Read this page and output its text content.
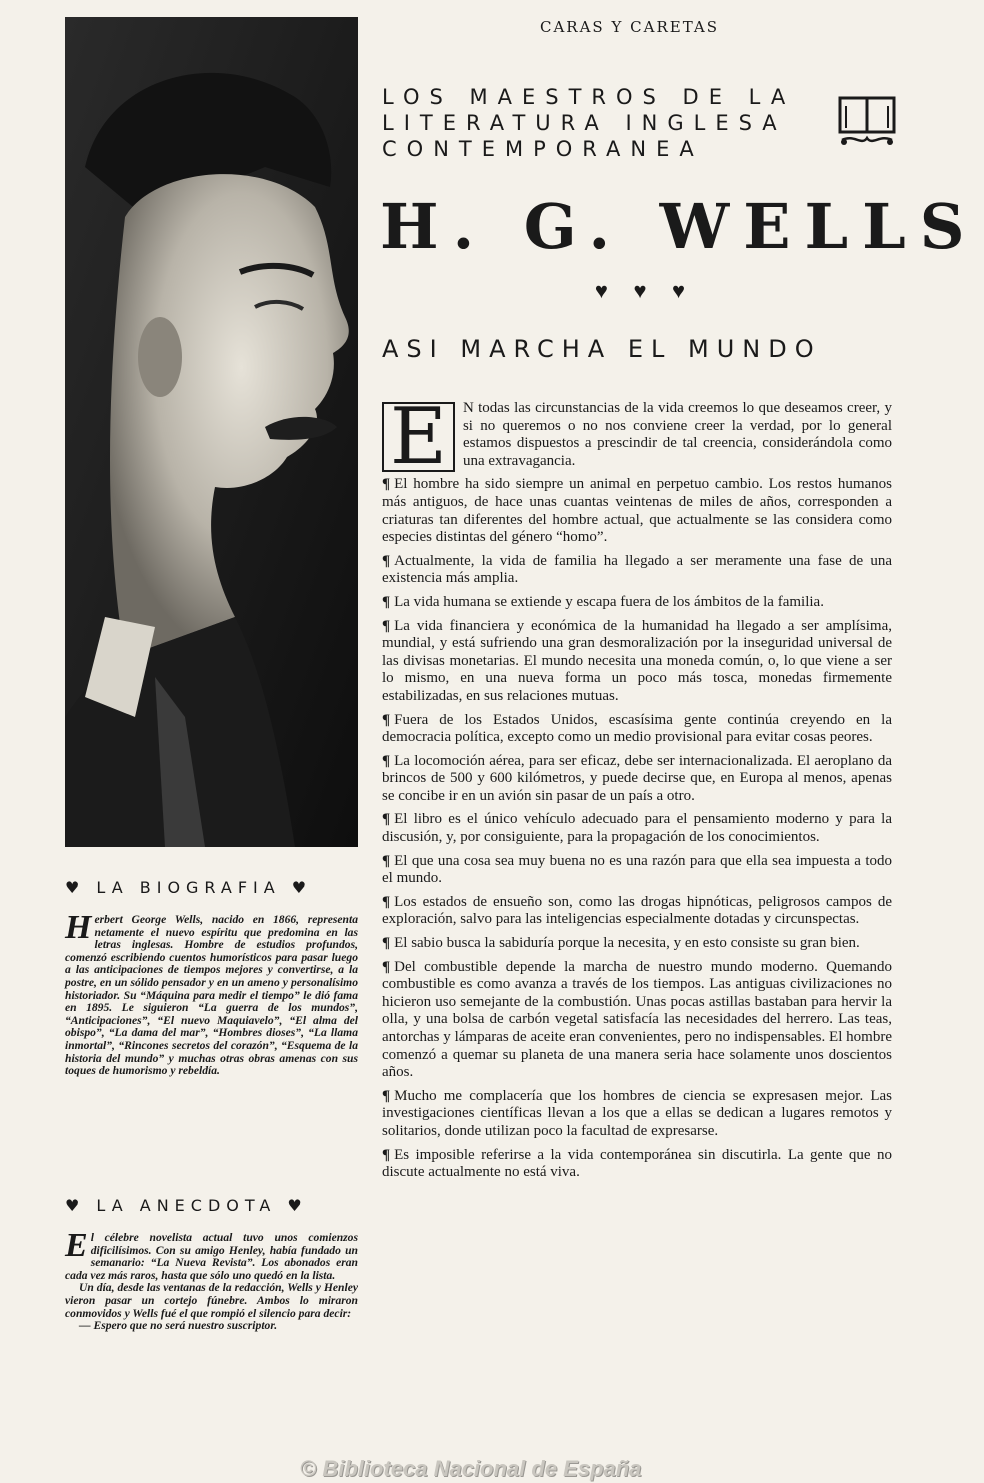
CARAS Y CARETAS
LOS MAESTROS DE LA
LITERATURA INGLESA
CONTEMPORANEA
H. G. WELLS
♥ ♥ ♥
ASI MARCHA EL MUNDO

E	N todas las circunstancias de la vida creemos lo que deseamos creer, y si no queremos o no nos conviene creer la verdad, por lo general estamos dispuestos a prescindir de tal creencia, considerándola como una extravagancia.

¶ El hombre ha sido siempre un animal en perpetuo cambio. Los restos humanos más antiguos, de hace unas cuantas veintenas de miles de años, corresponden a criaturas tan diferentes del hombre actual, que actualmente se las considera como especies distintas del género “homo”.

¶ Actualmente, la vida de familia ha llegado a ser meramente una fase de una existencia más amplia.

¶ La vida humana se extiende y escapa fuera de los ámbitos de la familia.

¶ La vida financiera y económica de la humanidad ha llegado a ser amplísima, mundial, y está sufriendo una gran desmoralización por la inseguridad universal de las divisas monetarias. El mundo necesita una moneda común, o, lo que viene a ser lo mismo, en una nueva forma un poco más tosca, monedas firmemente estabilizadas, en sus relaciones mutuas.

¶ Fuera de los Estados Unidos, escasísima gente continúa creyendo en la democracia política, excepto como un medio provisional para evitar cosas peores.

¶ La locomoción aérea, para ser eficaz, debe ser internacionalizada. El aeroplano da brincos de 500 y 600 kilómetros, y puede decirse que, en Europa al menos, apenas se concibe ir en un avión sin pasar de un país a otro.

¶ El libro es el único vehículo adecuado para el pensamiento moderno y para la discusión, y, por consiguiente, para la propagación de los conocimientos.

¶ El que una cosa sea muy buena no es una razón para que ella sea impuesta a todo el mundo.

¶ Los estados de ensueño son, como las drogas hipnóticas, peligrosos campos de exploración, salvo para las inteligencias especialmente dotadas y circunspectas.

¶ El sabio busca la sabiduría porque la necesita, y en esto consiste su gran bien.

¶ Del combustible depende la marcha de nuestro mundo moderno. Quemando combustible es como avanza a través de los tiempos. Las antiguas civilizaciones no hicieron uso semejante de la combustión. Unas pocas astillas bastaban para hervir la olla, y una bolsa de carbón vegetal satisfacía las necesidades del herrero. Las teas, antorchas y lámparas de aceite eran convenientes, pero no indispensables. El hombre comenzó a quemar su planeta de una manera seria hace solamente unos doscientos años.

¶ Mucho me complacería que los hombres de ciencia se expresasen mejor. Las investigaciones científicas llevan a los que a ellas se dedican a lugares remotos y solitarios, donde utilizan poco la facultad de expresarse.

¶ Es imposible referirse a la vida contemporánea sin discutirla. La gente que no discute actualmente no está viva.

♥ LA BIOGRAFIA ♥

Herbert George Wells, nacido en 1866, representa netamente el nuevo espíritu que predomina en las letras inglesas. Hombre de estudios profundos, comenzó escribiendo cuentos humorísticos para pasar luego a las anticipaciones de tiempos mejores y convertirse, a la postre, en un sólido pensador y en un ameno y personalísimo historiador. Su “Máquina para medir el tiempo” le dió fama en 1895. Le siguieron “La guerra de los mundos”, “Anticipaciones”, “El nuevo Maquiavelo”, “El alma del obispo”, “La dama del mar”, “Hombres dioses”, “La llama inmortal”, “Rincones secretos del corazón”, “Esquema de la historia del mundo” y muchas otras obras amenas con sus toques de humorismo y rebeldía.

♥ LA ANECDOTA ♥

El célebre novelista actual tuvo unos comienzos dificilísimos. Con su amigo Henley, había fundado un semanario: “La Nueva Revista”. Los abonados eran cada vez más raros, hasta que sólo uno quedó en la lista.

Un día, desde las ventanas de la redacción, Wells y Henley vieron pasar un cortejo fúnebre. Ambos lo miraron conmovidos y Wells fué el que rompió el silencio para decir:

— Espero que no será nuestro suscriptor.

© Biblioteca Nacional de España
